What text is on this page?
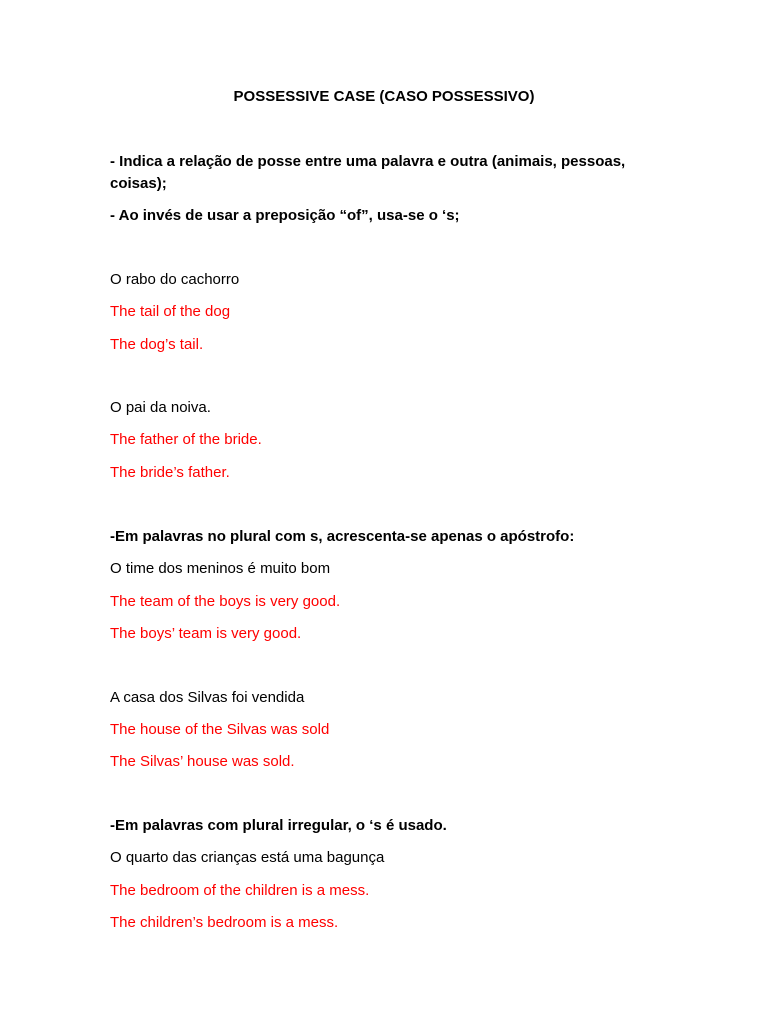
POSSESSIVE CASE (CASO POSSESSIVO)
- Indica a relação de posse entre uma palavra e outra (animais, pessoas, coisas);
- Ao invés de usar a preposição “of”, usa-se o ‘s;
O rabo do cachorro
The tail of the dog
The dog’s tail.
O pai da noiva.
The father of the bride.
The bride’s father.
-Em palavras no plural com s, acrescenta-se apenas o apóstrofo:
O time dos meninos é muito bom
The team of the boys is very good.
The boys’ team is very good.
A casa dos Silvas foi vendida
The house of the Silvas was sold
The Silvas’ house was sold.
-Em palavras com plural irregular, o ‘s é usado.
O quarto das crianças está uma bagunça
The bedroom of the children is a mess.
The children’s bedroom is a mess.
